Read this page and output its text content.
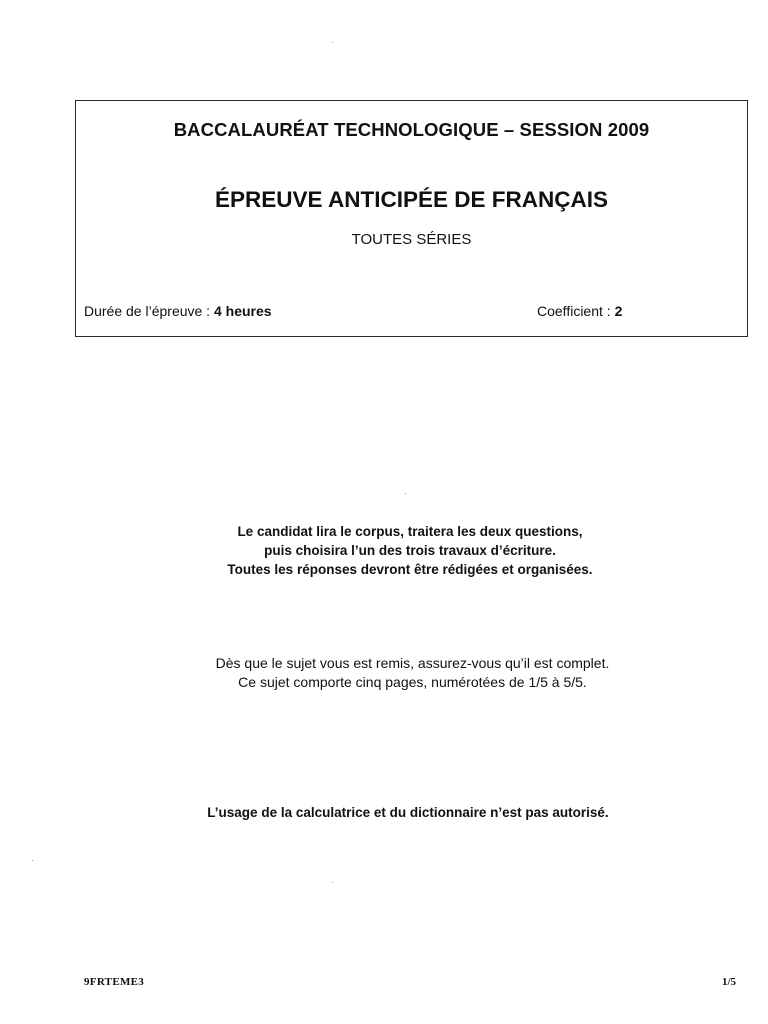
BACCALAURÉAT TECHNOLOGIQUE – SESSION 2009
ÉPREUVE ANTICIPÉE DE FRANÇAIS
TOUTES SÉRIES
Durée de l’épreuve : 4 heures	Coefficient : 2
Le candidat lira le corpus, traitera les deux questions,
puis choisira l’un des trois travaux d’écriture.
Toutes les réponses devront être rédigées et organisées.
Dès que le sujet vous est remis, assurez-vous qu’il est complet.
Ce sujet comporte cinq pages, numérotées de 1/5 à 5/5.
L’usage de la calculatrice et du dictionnaire n’est pas autorisé.
9FRTEME3	1/5
